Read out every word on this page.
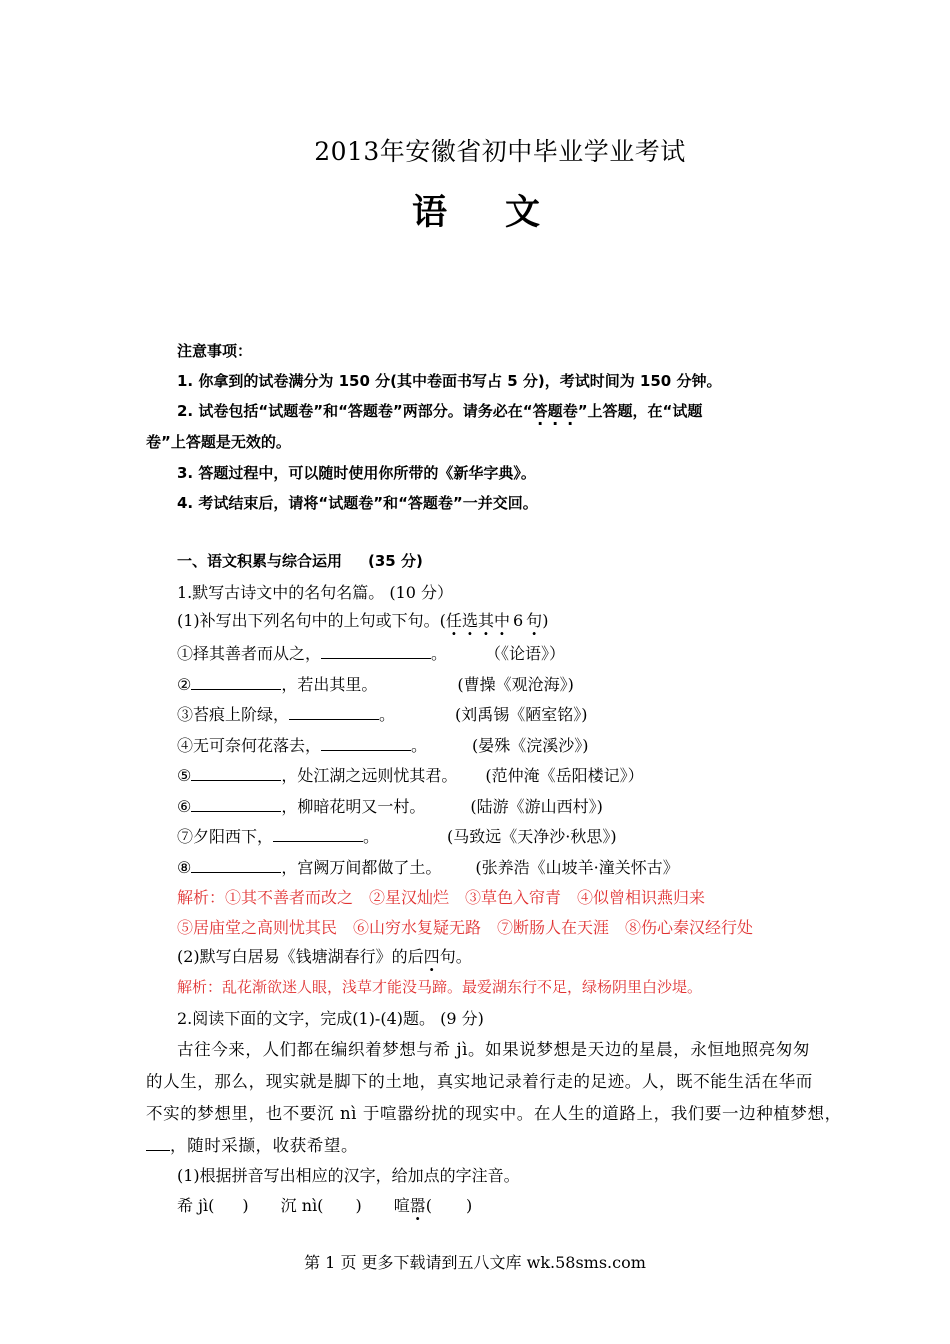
2013年安徽省初中毕业学业考试
语文
注意事项：
1. 你拿到的试卷满分为 150 分(其中卷面书写占 5 分)，考试时间为 150 分钟。
2. 试卷包括“试题卷”和“答题卷”两部分。请务必在“答题卷”上答题，在“试题
卷”上答题是无效的。
3. 答题过程中，可以随时使用你所带的《新华字典》。
4. 考试结束后，请将“试题卷”和“答题卷”一并交回。
一、语文积累与综合运用 (35 分)
1.默写古诗文中的名句名篇。 (10 分）
(1)补写出下列名句中的上句或下句。(任选其中 6 句)
①择其善者而从之，	。 （《论语》）
②	，若出其里。	(曹操《观沧海》)
③苔痕上阶绿，	。	(刘禹锡《陋室铭》)
④无可奈何花落去，	。	(晏殊《浣溪沙》)
⑤	，处江湖之远则忧其君。 (范仲淹《岳阳楼记》）
⑥	，柳暗花明又一村。	(陆游《游山西村》)
⑦夕阳西下，	。	(马致远《天净沙·秋思》)
⑧	，宫阙万间都做了土。 (张养浩《山坡羊·潼关怀古》
解析：①其不善者而改之　②星汉灿烂　③草色入帘青　④似曾相识燕归来
⑤居庙堂之高则忧其民　⑥山穷水复疑无路　⑦断肠人在天涯　⑧伤心秦汉经行处
(2)默写白居易《钱塘湖春行》的后四句。
解析：乱花渐欲迷人眼，浅草才能没马蹄。最爱湖东行不足，绿杨阴里白沙堤。
2.阅读下面的文字，完成(1)-(4)题。 (9 分)
古往今来，人们都在编织着梦想与希 jì。如果说梦想是天边的星晨，永恒地照亮匆匆
的人生，那么，现实就是脚下的土地，真实地记录着行走的足迹。人，既不能生活在华而
不实的梦想里，也不要沉 nì 于喧嚣纷扰的现实中。在人生的道路上，我们要一边种植梦想，
，随时采撷，收获希望。
(1)根据拼音写出相应的汉字，给加点的字注音。
希 jì( ) 沉 nì( ) 喧嚣( )
第 1 页 更多下载请到五八文库 wk.58sms.com
